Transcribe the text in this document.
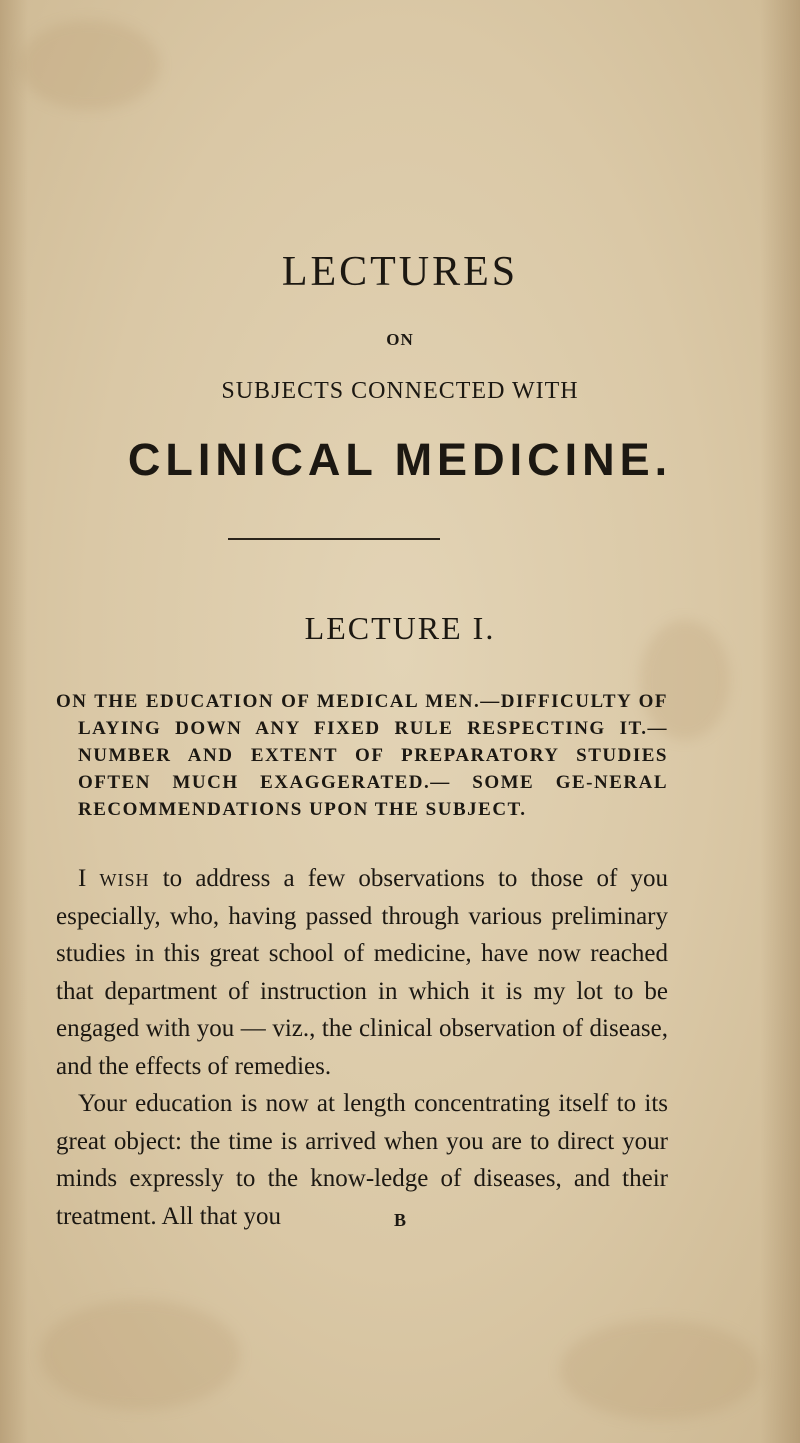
LECTURES
ON
SUBJECTS CONNECTED WITH
CLINICAL MEDICINE.
LECTURE I.
ON THE EDUCATION OF MEDICAL MEN.—DIFFICULTY OF LAYING DOWN ANY FIXED RULE RESPECTING IT.— NUMBER AND EXTENT OF PREPARATORY STUDIES OFTEN MUCH EXAGGERATED.— SOME GE-NERAL RECOMMENDATIONS UPON THE SUBJECT.

I wish to address a few observations to those of you especially, who, having passed through various preliminary studies in this great school of medicine, have now reached that department of instruction in which it is my lot to be engaged with you — viz., the clinical observation of disease, and the effects of remedies.

Your education is now at length concentrating itself to its great object: the time is arrived when you are to direct your minds expressly to the know-ledge of diseases, and their treatment. All that you	B
